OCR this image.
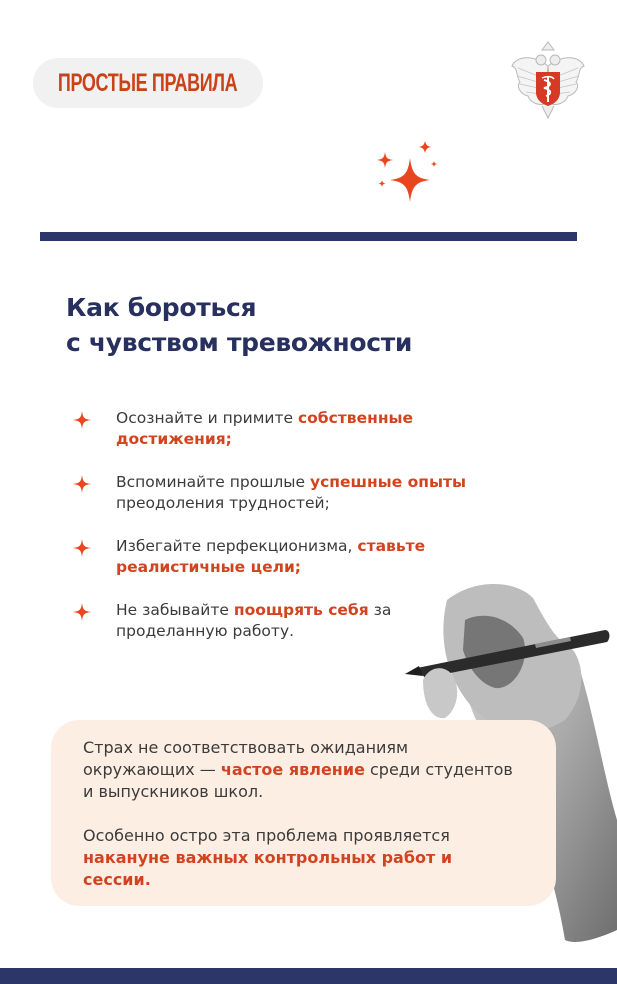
ПРОСТЫЕ ПРАВИЛА
Как бороться
с чувством тревожности
Осознайте и примите собственные достижения;
Вспоминайте прошлые успешные опыты преодоления трудностей;
Избегайте перфекционизма, ставьте реалистичные цели;
Не забывайте поощрять себя за проделанную работу.

Страх не соответствовать ожиданиям окружающих — частое явление среди студентов и выпускников школ.

Особенно остро эта проблема проявляется накануне важных контрольных работ и сессии.
